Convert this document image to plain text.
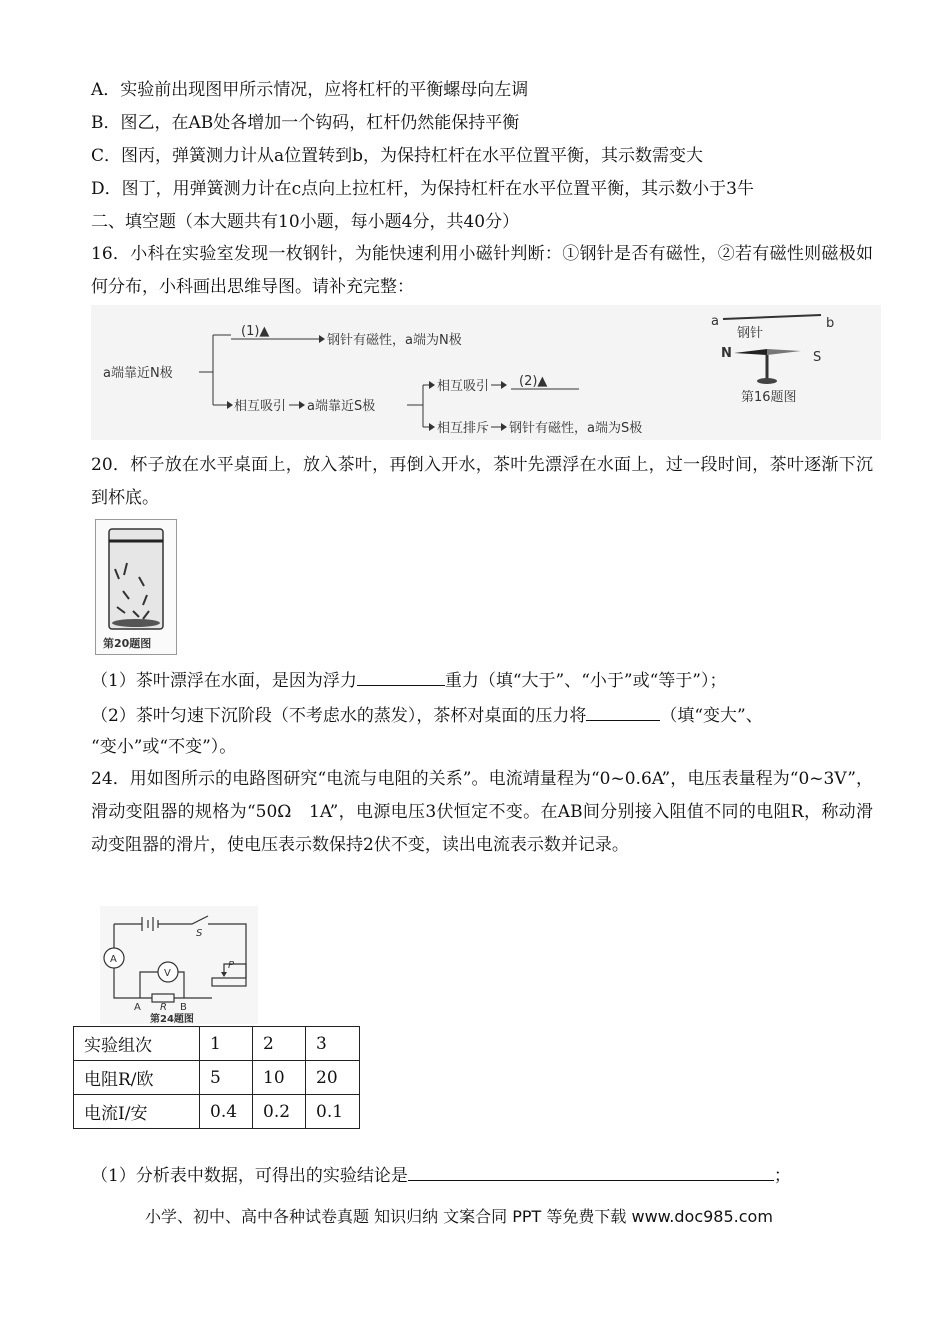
A．实验前出现图甲所示情况，应将杠杆的平衡螺母向左调
B．图乙，在AB处各增加一个钩码，杠杆仍然能保持平衡
C．图丙，弹簧测力计从a位置转到b，为保持杠杆在水平位置平衡，其示数需变大
D．图丁，用弹簧测力计在c点向上拉杠杆，为保持杠杆在水平位置平衡，其示数小于3牛
二、填空题（本大题共有10小题，每小题4分，共40分）
16．小科在实验室发现一枚钢针，为能快速利用小磁针判断：①钢针是否有磁性，②若有磁性则磁极如何分布，小科画出思维导图。请补充完整：
a端靠近N极
(1)▲
钢针有磁性，a端为N极
相互吸引 a端靠近S极
相互吸引 (2)▲
相互排斥 钢针有磁性，a端为S极
a	b
钢针
N	S
第16题图
20．杯子放在水平桌面上，放入茶叶，再倒入开水，茶叶先漂浮在水面上，过一段时间，茶叶逐渐下沉到杯底。
第20题图
（1）茶叶漂浮在水面，是因为浮力	重力（填“大于”、“小于”或“等于”）；
（2）茶叶匀速下沉阶段（不考虑水的蒸发），茶杯对桌面的压力将	（填“变大”、
“变小”或“不变”）。
24．用如图所示的电路图研究“电流与电阻的关系”。电流靖量程为“0~0.6A”，电压表量程为“0~3V”，滑动变阻器的规格为“50Ω　1A”，电源电压3伏恒定不变。在AB间分别接入阻值不同的电阻R，称动滑动变阻器的滑片，使电压表示数保持2伏不变，读出电流表示数并记录。
A
V
S
P
A R B
第24题图
实验组次	1	2	3
电阻R/欧	5	10	20
电流I/安	0.4	0.2	0.1
（1）分析表中数据，可得出的实验结论是	；
小学、初中、高中各种试卷真题 知识归纳 文案合同 PPT 等免费下载 www.doc985.com
